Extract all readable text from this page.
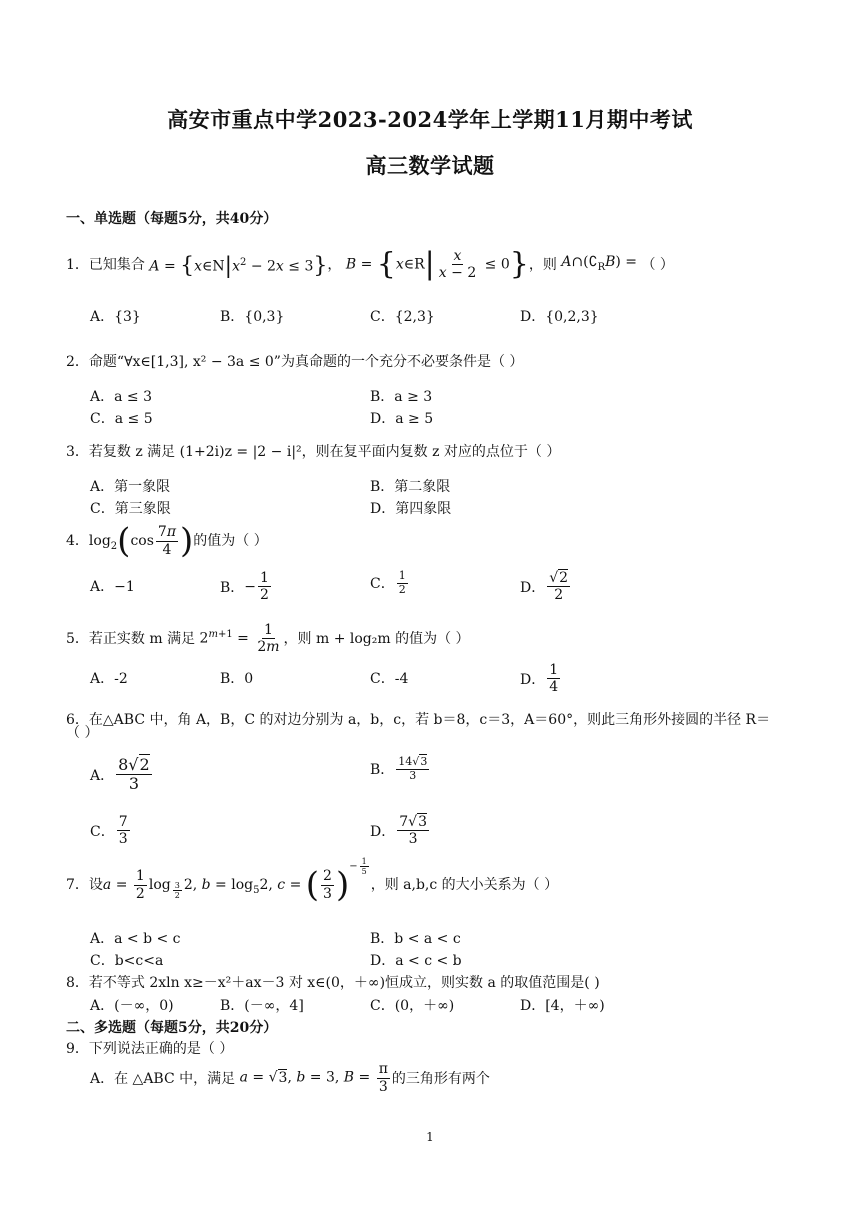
高安市重点中学2023-2024学年上学期11月期中考试
高三数学试题
一、单选题（每题5分，共40分）
1． 已知集合 $A = \{x\in N|x^2 - 2x \le 3\}$ ， B = {x∈R| $\frac{x}{x - 2} \le 0$} ，则 $A\cap(∁_RB)$ = （ ）
A．{3}	B．{0,3}	C．{2,3}	D．{0,2,3}
2．命题“∀x∈[1,3], x² − 3a ≤ 0”为真命题的一个充分不必要条件是（ ）
A．a ≤ 3	B．a ≥ 3
C．a ≤ 5	D．a ≥ 5
3．若复数 z 满足 (1+2i)z = |2 − i|²，则在复平面内复数 z 对应的点位于（ ）
A．第一象限	B．第二象限
C．第三象限	D．第四象限
4． $\log_2(\cos \frac{7\pi}{4}$ ) 的值为（ ）
A．−1	B． − $\frac{1}{2}$	C． $\frac{1}{2}$	D． $\frac{√2}{2}$
5． 若正实数 m 满足 $2^{m+1} = \frac{1}{2m}$ ，则 m + log₂m 的值为（ ）
A．-2	B．0	C．-4	D． $\frac{1}{4}$
6．在△ABC 中，角 A，B，C 的对边分别为 a，b，c，若 b＝8，c＝3，A＝60°，则此三角形外接圆的半径 R＝
（ ）
A． $\frac{8√2}{3}$	B． $\frac{14√3}{3}$
C． $\frac{7}{3}$	D． $\frac{7√3}{3}$
7． 设 $a = \frac{1}{2}$ log $_{\frac{3}{2}}$ 2, $b = \log_52$, c = ( $\frac{2}{3} )^{- \frac{1}{5}}$
，则 a,b,c 的大小关系为（ ）
A．a < b < c	B．b < a < c
C．b<c<a	D．a < c < b
8．若不等式 2xln x≥－x²＋ax－3 对 x∈(0，＋∞)恒成立，则实数 a 的取值范围是( )
A．(－∞，0)	B．(－∞，4]	C．(0，＋∞)	D．[4，＋∞)
二、多选题（每题5分，共20分）
9．下列说法正确的是（ ）
A．在 △ABC 中，满足 a = √3, b = 3, $B = \frac{\pi}{3}$ 的三角形有两个
1
